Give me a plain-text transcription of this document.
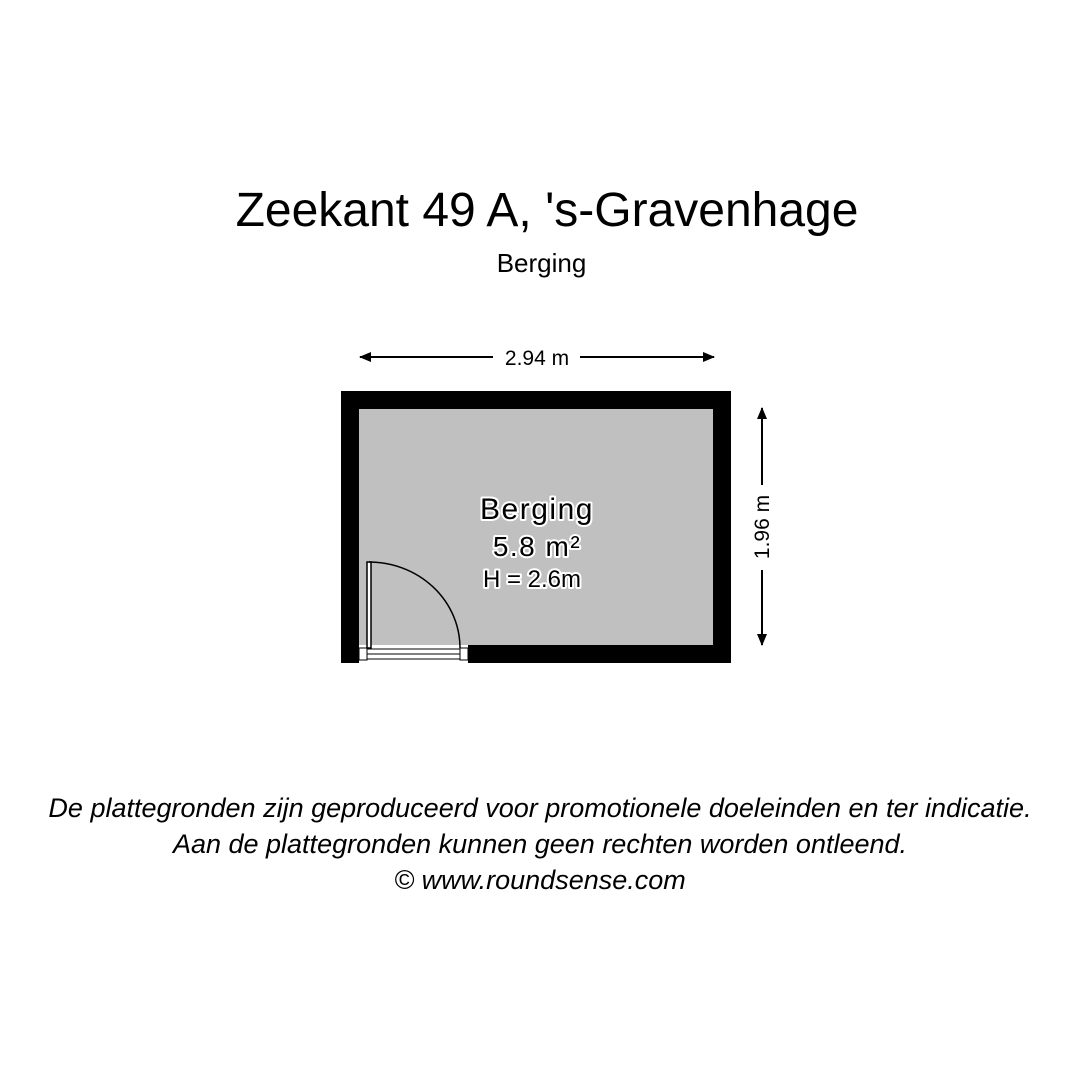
Zeekant 49 A, 's-Gravenhage
Berging
2.94 m
1.96 m
Berging
5.8 m²
H = 2.6m
De plattegronden zijn geproduceerd voor promotionele doeleinden en ter indicatie.
Aan de plattegronden kunnen geen rechten worden ontleend.
© www.roundsense.com
